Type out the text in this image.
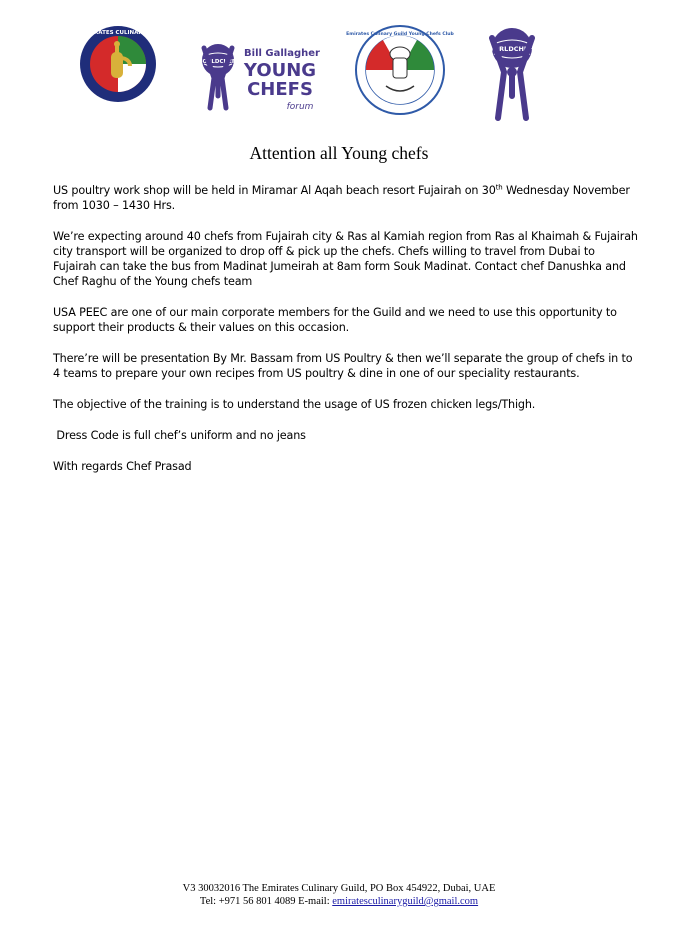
THE EMIRATES CULINARY GUILD
WORLDCHEFS
Bill Gallagher
YOUNG
CHEFS
forum
Emirates Culinary Guild Young Chefs Club
WORLDCHEFS
Attention all Young chefs

US poultry work shop will be held in Miramar Al Aqah beach resort Fujairah on 30th Wednesday November from 1030 – 1430 Hrs.

We’re expecting around 40 chefs from Fujairah city & Ras al Kamiah region from Ras al Khaimah & Fujairah city transport will be organized to drop off & pick up the chefs. Chefs willing to travel from Dubai to Fujairah can take the bus from Madinat Jumeirah at 8am form Souk Madinat. Contact chef Danushka and Chef Raghu of the Young chefs team

USA PEEC are one of our main corporate members for the Guild and we need to use this opportunity to support their products & their values on this occasion.

There’re will be presentation By Mr. Bassam from US Poultry & then we’ll separate the group of chefs in to 4 teams to prepare your own recipes from US poultry & dine in one of our speciality restaurants.

The objective of the training is to understand the usage of US frozen chicken legs/Thigh.

Dress Code is full chef’s uniform and no jeans

With regards Chef Prasad

V3 30032016 The Emirates Culinary Guild, PO Box 454922, Dubai, UAE
Tel: +971 56 801 4089 E-mail: emiratesculinaryguild@gmail.com
